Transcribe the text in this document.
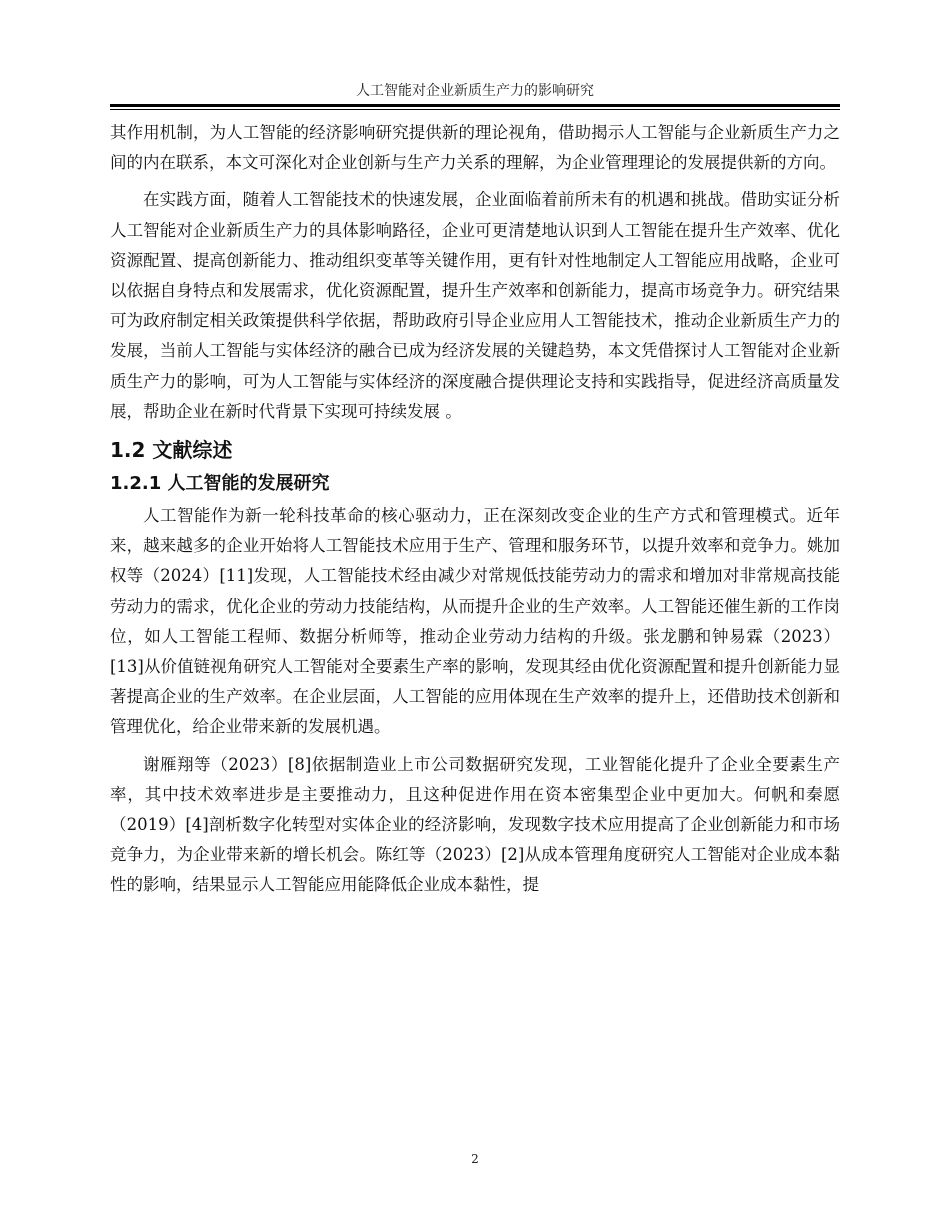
人工智能对企业新质生产力的影响研究

其作用机制，为人工智能的经济影响研究提供新的理论视角，借助揭示人工智能与企业新质生产力之间的内在联系，本文可深化对企业创新与生产力关系的理解，为企业管理理论的发展提供新的方向。

在实践方面，随着人工智能技术的快速发展，企业面临着前所未有的机遇和挑战。借助实证分析人工智能对企业新质生产力的具体影响路径，企业可更清楚地认识到人工智能在提升生产效率、优化资源配置、提高创新能力、推动组织变革等关键作用，更有针对性地制定人工智能应用战略，企业可以依据自身特点和发展需求，优化资源配置，提升生产效率和创新能力，提高市场竞争力。研究结果可为政府制定相关政策提供科学依据，帮助政府引导企业应用人工智能技术，推动企业新质生产力的发展，当前人工智能与实体经济的融合已成为经济发展的关键趋势，本文凭借探讨人工智能对企业新质生产力的影响，可为人工智能与实体经济的深度融合提供理论支持和实践指导，促进经济高质量发展，帮助企业在新时代背景下实现可持续发展 。

1.2 文献综述
1.2.1 人工智能的发展研究

人工智能作为新一轮科技革命的核心驱动力，正在深刻改变企业的生产方式和管理模式。近年来，越来越多的企业开始将人工智能技术应用于生产、管理和服务环节，以提升效率和竞争力。姚加权等（2024）[11]发现，人工智能技术经由减少对常规低技能劳动力的需求和增加对非常规高技能劳动力的需求，优化企业的劳动力技能结构，从而提升企业的生产效率。人工智能还催生新的工作岗位，如人工智能工程师、数据分析师等，推动企业劳动力结构的升级。张龙鹏和钟易霖（2023）[13]从价值链视角研究人工智能对全要素生产率的影响，发现其经由优化资源配置和提升创新能力显著提高企业的生产效率。在企业层面，人工智能的应用体现在生产效率的提升上，还借助技术创新和管理优化，给企业带来新的发展机遇。

谢雁翔等（2023）[8]依据制造业上市公司数据研究发现，工业智能化提升了企业全要素生产率，其中技术效率进步是主要推动力，且这种促进作用在资本密集型企业中更加大。何帆和秦愿（2019）[4]剖析数字化转型对实体企业的经济影响，发现数字技术应用提高了企业创新能力和市场竞争力，为企业带来新的增长机会。陈红等（2023）[2]从成本管理角度研究人工智能对企业成本黏性的影响，结果显示人工智能应用能降低企业成本黏性，提

2
